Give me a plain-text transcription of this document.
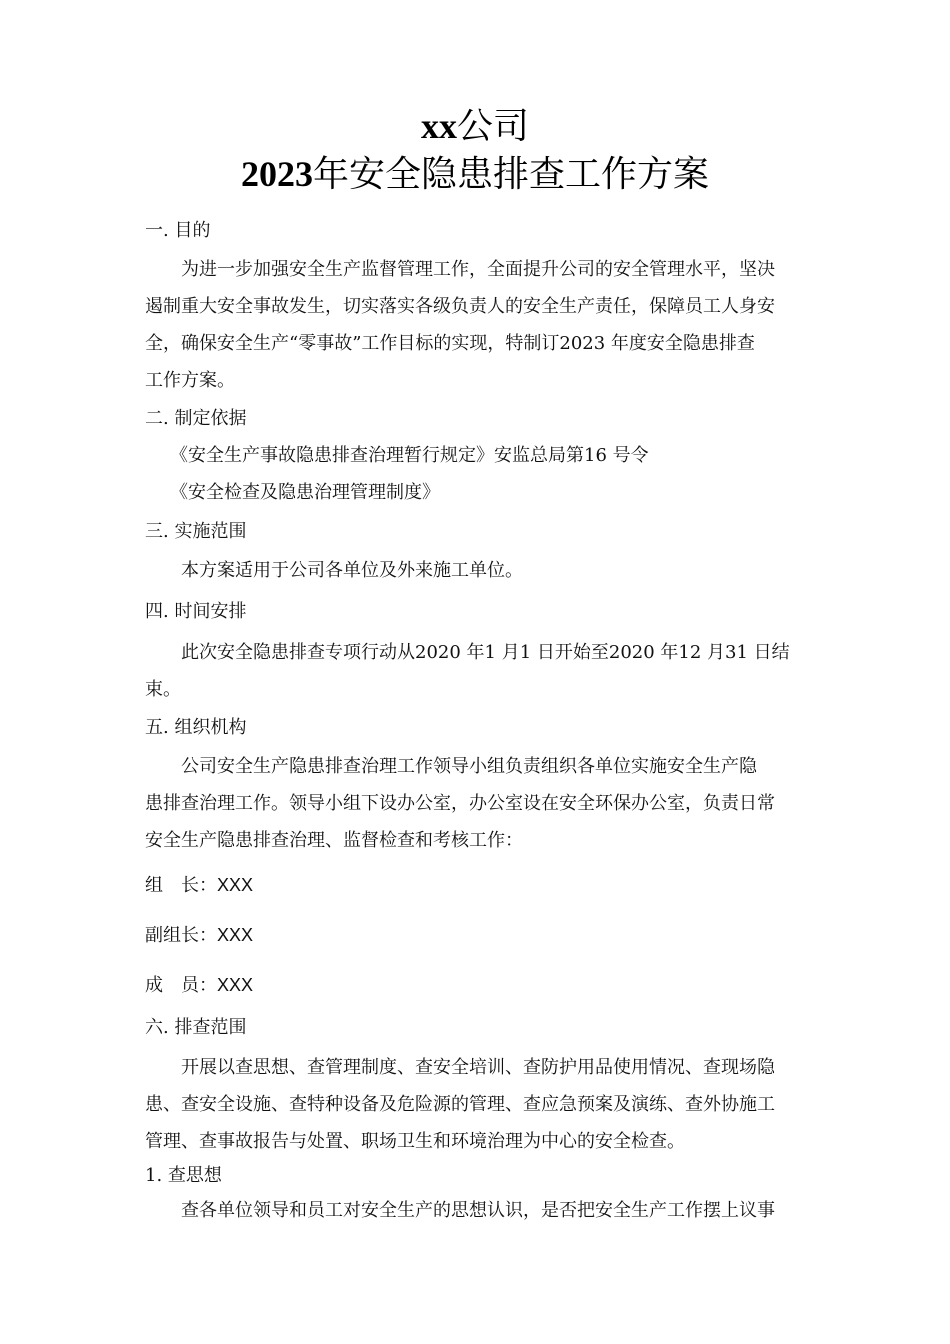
xx公司
2023年安全隐患排查工作方案
一. 目的
为进一步加强安全生产监督管理工作，全面提升公司的安全管理水平，坚决
遏制重大安全事故发生，切实落实各级负责人的安全生产责任，保障员工人身安
全，确保安全生产“零事故”工作目标的实现，特制订2023 年度安全隐患排查
工作方案。
二. 制定依据
《安全生产事故隐患排查治理暂行规定》安监总局第16 号令
《安全检查及隐患治理管理制度》
三. 实施范围
本方案适用于公司各单位及外来施工单位。
四. 时间安排
此次安全隐患排查专项行动从2020 年1 月1 日开始至2020 年12 月31 日结
束。
五. 组织机构
公司安全生产隐患排查治理工作领导小组负责组织各单位实施安全生产隐
患排查治理工作。领导小组下设办公室，办公室设在安全环保办公室，负责日常
安全生产隐患排查治理、监督检查和考核工作：
组　长：XXX
副组长：XXX
成　员：XXX
六. 排查范围
开展以查思想、查管理制度、查安全培训、查防护用品使用情况、查现场隐
患、查安全设施、查特种设备及危险源的管理、查应急预案及演练、查外协施工
管理、查事故报告与处置、职场卫生和环境治理为中心的安全检查。
1. 查思想
查各单位领导和员工对安全生产的思想认识，是否把安全生产工作摆上议事
